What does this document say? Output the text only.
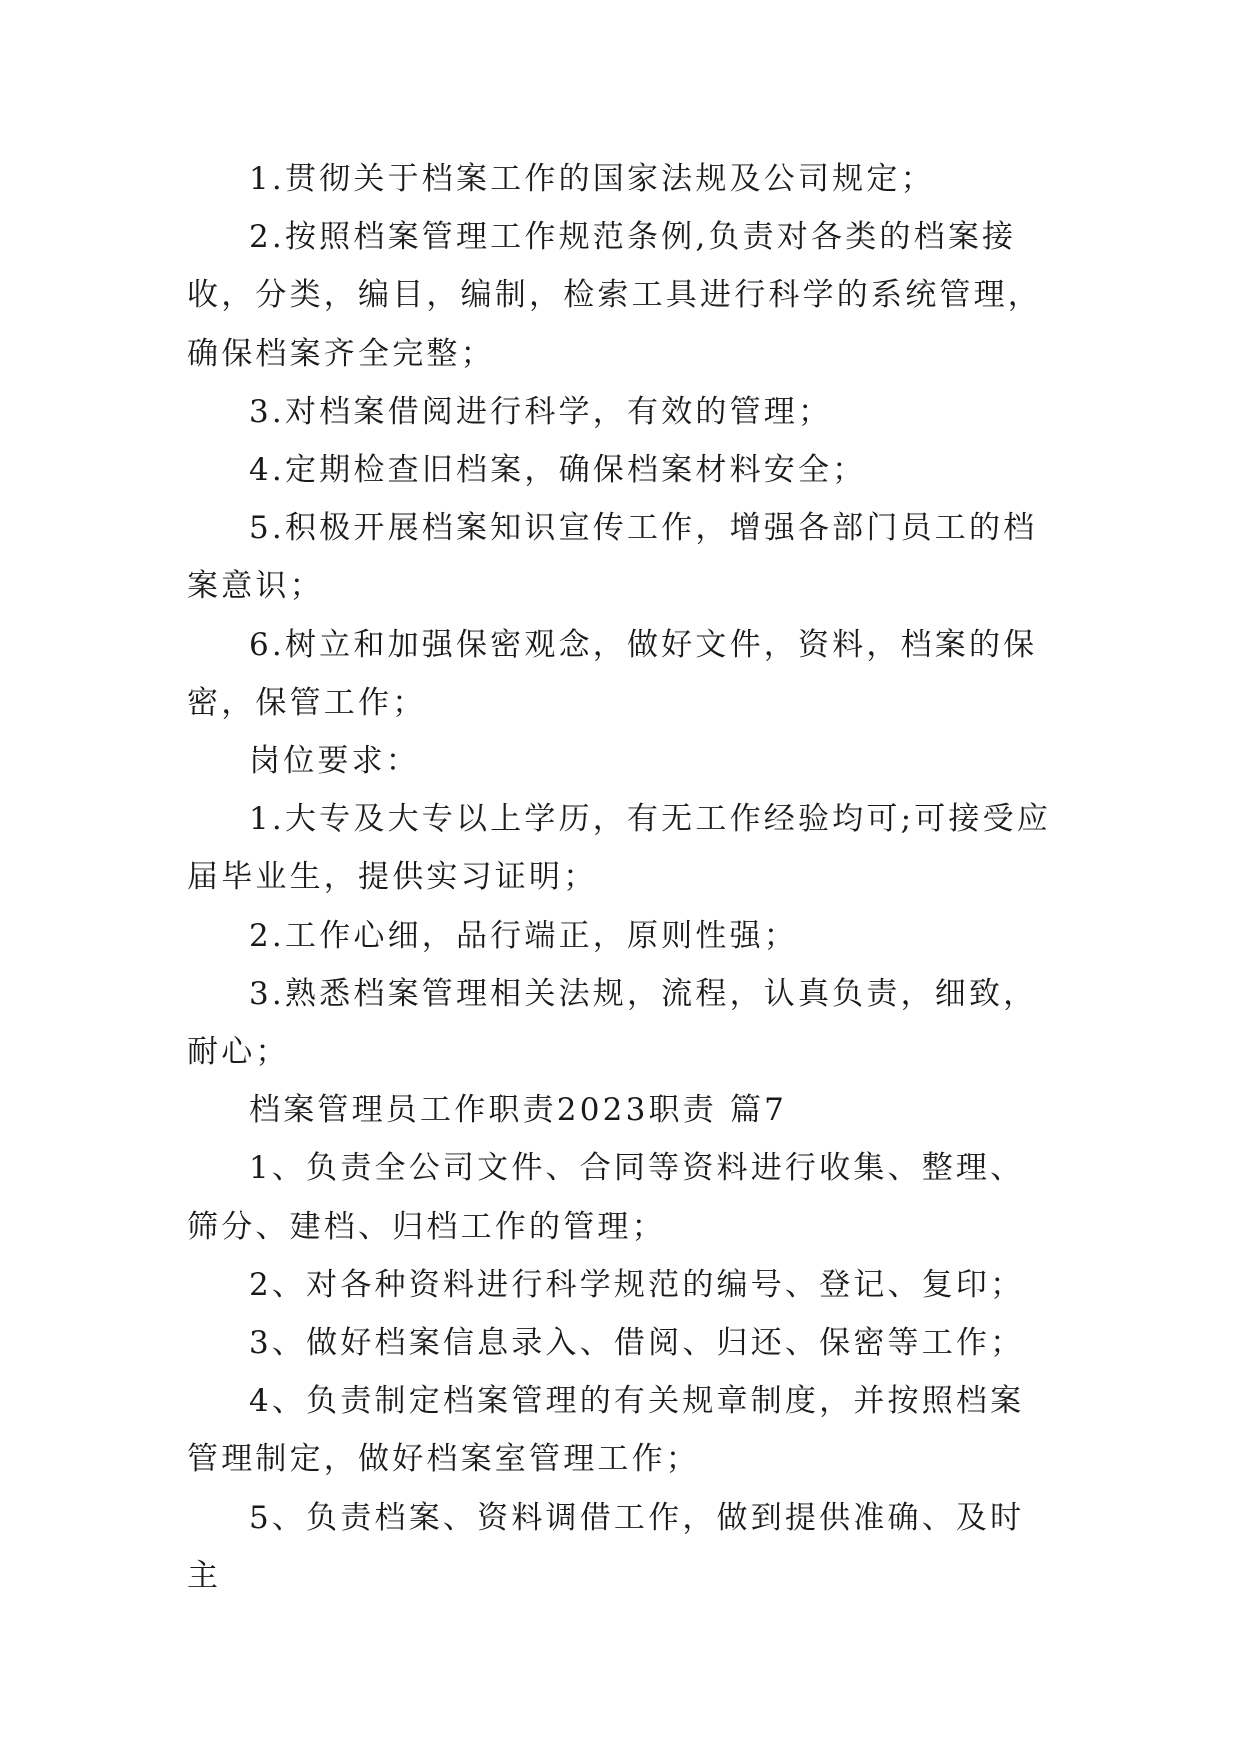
1.贯彻关于档案工作的国家法规及公司规定；

2.按照档案管理工作规范条例,负责对各类的档案接收，分类，编目，编制，检索工具进行科学的系统管理，确保档案齐全完整；

3.对档案借阅进行科学，有效的管理；

4.定期检查旧档案，确保档案材料安全；

5.积极开展档案知识宣传工作，增强各部门员工的档案意识；

6.树立和加强保密观念，做好文件，资料，档案的保密，保管工作；

岗位要求：

1.大专及大专以上学历，有无工作经验均可;可接受应届毕业生，提供实习证明；

2.工作心细，品行端正，原则性强；

3.熟悉档案管理相关法规，流程，认真负责，细致，耐心；

档案管理员工作职责2023职责 篇7

1、负责全公司文件、合同等资料进行收集、整理、筛分、建档、归档工作的管理；

2、对各种资料进行科学规范的编号、登记、复印；

3、做好档案信息录入、借阅、归还、保密等工作；

4、负责制定档案管理的有关规章制度，并按照档案管理制定，做好档案室管理工作；

5、负责档案、资料调借工作，做到提供准确、及时主
